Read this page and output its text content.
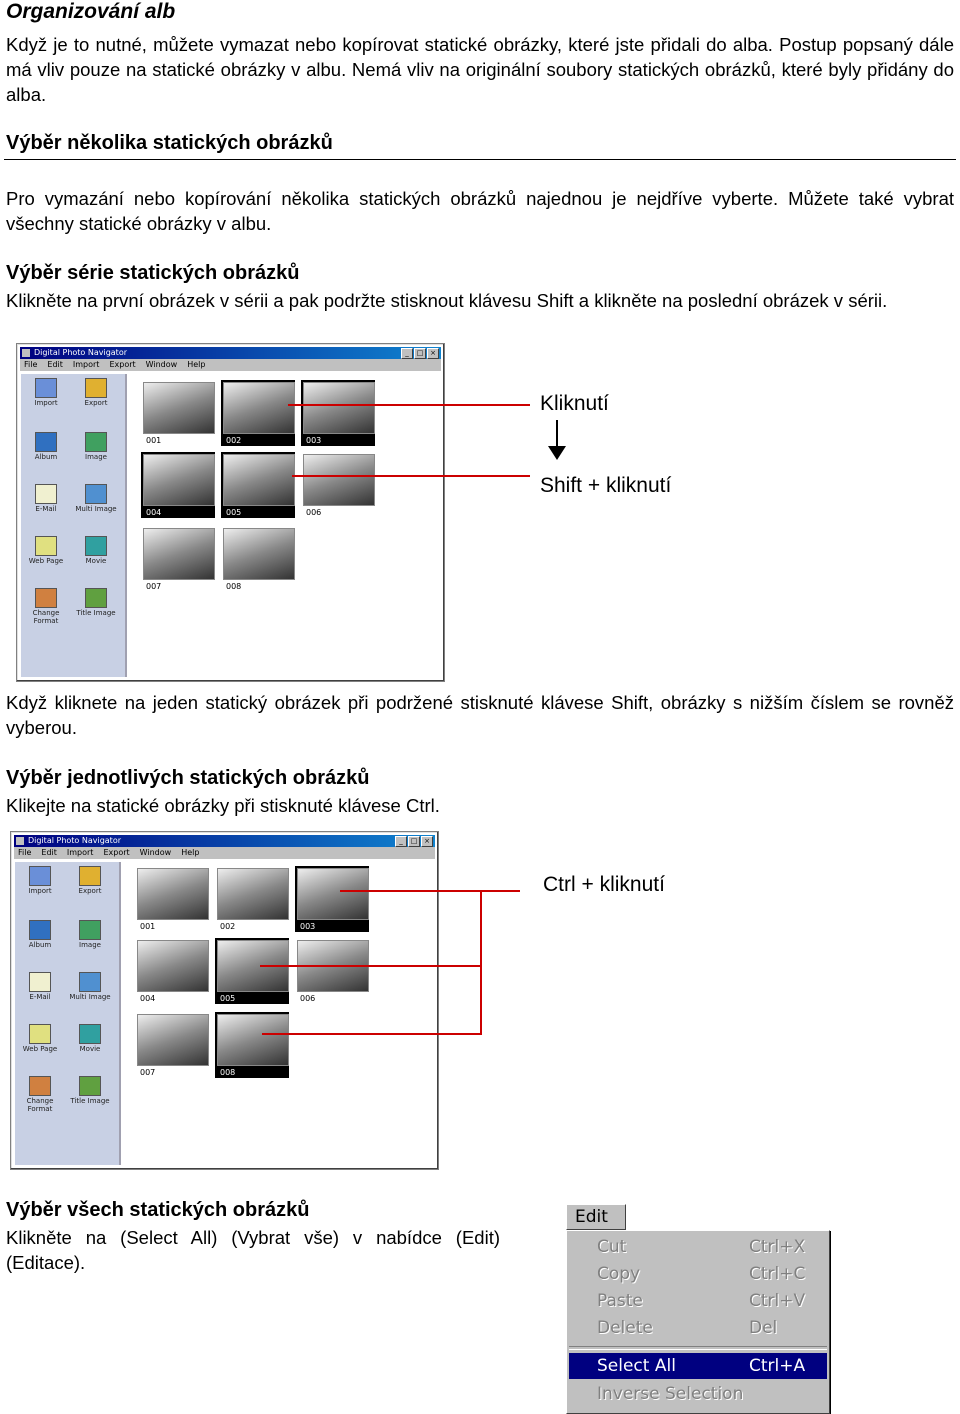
Organizování alb
Když je to nutné, můžete vymazat nebo kopírovat statické obrázky, které jste přidali do alba. Postup popsaný dále má vliv pouze na statické obrázky v albu. Nemá vliv na originální soubory statických obrázků, které byly přidány do alba.
Výběr několika statických obrázků
Pro vymazání nebo kopírování několika statických obrázků najednou je nejdříve vyberte. Můžete také vybrat všechny statické obrázky v albu.
Výběr série statických obrázků
Klikněte na první obrázek v sérii a pak podržte stisknout klávesu Shift a klikněte na poslední obrázek v sérii.
Digital Photo Navigator	_	□ ×
File Edit Import Export Window Help
Import	Export
Album	Image
E-Mail	Multi Image
Web Page	Movie
Change Format
Title Image
001	002	003
004	005	006
007	008
Kliknutí
Shift + kliknutí
Když kliknete na jeden statický obrázek při podržené stisknuté klávese Shift, obrázky s nižším číslem se rovněž vyberou.
Výběr jednotlivých statických obrázků
Klikejte na statické obrázky při stisknuté klávese Ctrl.
Digital Photo Navigator	_	□ ×
File Edit Import Export Window Help
Import	Export
Album	Image
E-Mail	Multi Image
Web Page	Movie
Change Format
Title Image
001	002	003
004	005	006
007	008
Ctrl + kliknutí
Výběr všech statických obrázků
Klikněte na (Select All) (Vybrat vše) v nabídce (Edit) (Editace).
Edit
Cut	Ctrl+X
Copy	Ctrl+C
Paste	Ctrl+V
Delete	Del
Select All	Ctrl+A
Inverse Selection
